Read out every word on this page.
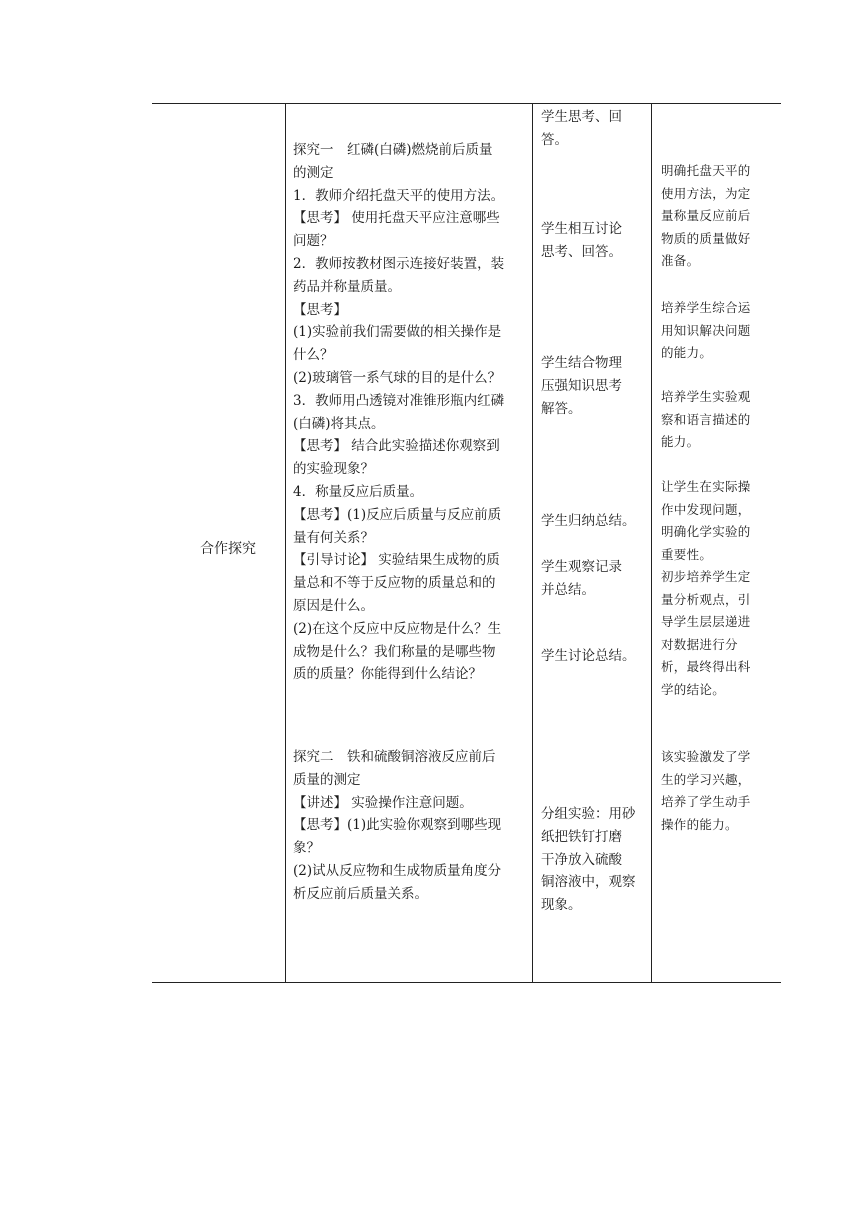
合作探究
探究一　红磷(白磷)燃烧前后质量
的测定
1．教师介绍托盘天平的使用方法。
【思考】 使用托盘天平应注意哪些
问题？
2．教师按教材图示连接好装置，装
药品并称量质量。
【思考】
(1)实验前我们需要做的相关操作是
什么？
(2)玻璃管一系气球的目的是什么？
3．教师用凸透镜对准锥形瓶内红磷
(白磷)将其点。
【思考】 结合此实验描述你观察到
的实验现象？
4．称量反应后质量。
【思考】(1)反应后质量与反应前质
量有何关系？
【引导讨论】 实验结果生成物的质
量总和不等于反应物的质量总和的
原因是什么。
(2)在这个反应中反应物是什么？生
成物是什么？我们称量的是哪些物
质的质量？你能得到什么结论？
探究二　铁和硫酸铜溶液反应前后
质量的测定
【讲述】 实验操作注意问题。
【思考】(1)此实验你观察到哪些现
象？
(2)试从反应物和生成物质量角度分
析反应前后质量关系。
学生思考、回
答。
学生相互讨论
思考、回答。
学生结合物理
压强知识思考
解答。
学生归纳总结。
学生观察记录
并总结。
学生讨论总结。
分组实验：用砂
纸把铁钉打磨
干净放入硫酸
铜溶液中，观察
现象。
明确托盘天平的
使用方法，为定
量称量反应前后
物质的质量做好
准备。
培养学生综合运
用知识解决问题
的能力。
培养学生实验观
察和语言描述的
能力。
让学生在实际操
作中发现问题，
明确化学实验的
重要性。
初步培养学生定
量分析观点，引
导学生层层递进
对数据进行分
析，最终得出科
学的结论。
该实验激发了学
生的学习兴趣，
培养了学生动手
操作的能力。
